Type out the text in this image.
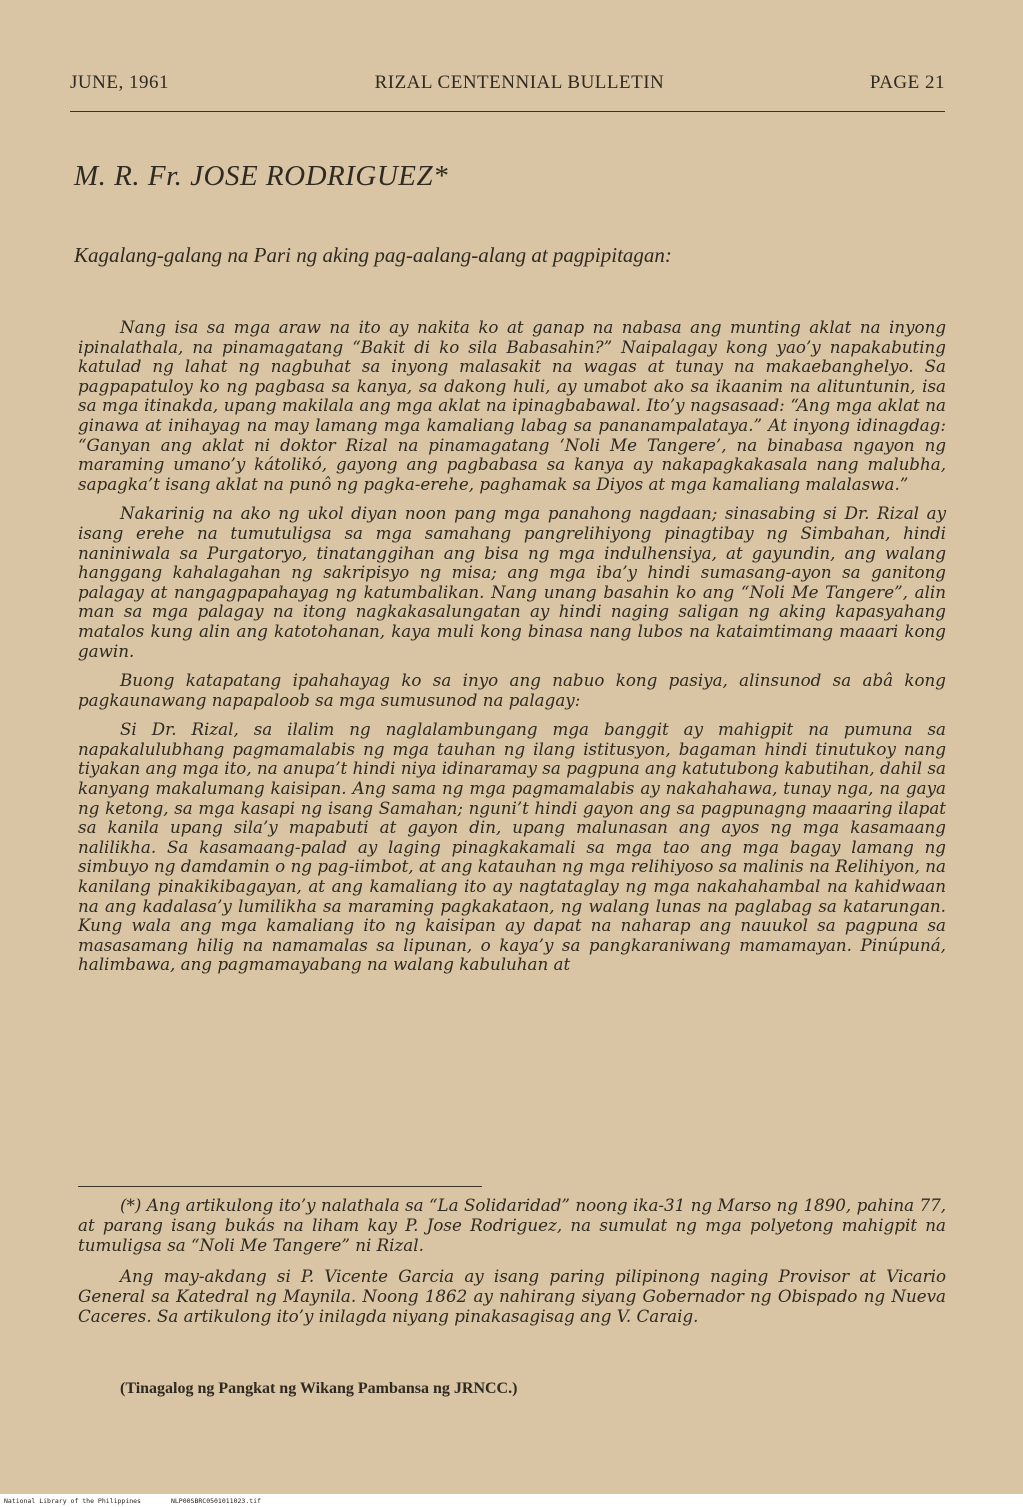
JUNE, 1961	RIZAL CENTENNIAL BULLETIN	PAGE 21
M. R. Fr. JOSE RODRIGUEZ*
Kagalang-galang na Pari ng aking pag-aalang-alang at pagpipitagan:

Nang isa sa mga araw na ito ay nakita ko at ganap na nabasa ang munting aklat na inyong ipinalathala, na pinamagatang “Bakit di ko sila Babasahin?” Naipalagay kong yao’y napakabuting katulad ng lahat ng nagbuhat sa inyong malasakit na wagas at tunay na makaebanghelyo. Sa pagpapatuloy ko ng pagbasa sa kanya, sa dakong huli, ay umabot ako sa ikaanim na alituntunin, isa sa mga itinakda, upang makilala ang mga aklat na ipinagbabawal. Ito’y nagsasaad: “Ang mga aklat na ginawa at inihayag na may lamang mga kamaliang labag sa pananampalataya.” At inyong idinagdag: “Ganyan ang aklat ni doktor Rizal na pinamagatang ‘Noli Me Tangere’, na binabasa ngayon ng maraming umano’y kátolikó, gayong ang pagbabasa sa kanya ay nakapagkakasala nang malubha, sapagka’t isang aklat na punô ng pagka-erehe, paghamak sa Diyos at mga kamaliang malalaswa.”

Nakarinig na ako ng ukol diyan noon pang mga panahong nagdaan; sinasabing si Dr. Rizal ay isang erehe na tumutuligsa sa mga samahang pangrelihiyong pinagtibay ng Simbahan, hindi naniniwala sa Purgatoryo, tinatanggihan ang bisa ng mga indulhensiya, at gayundin, ang walang hanggang kahalagahan ng sakripisyo ng misa; ang mga iba’y hindi sumasang-ayon sa ganitong palagay at nangagpapahayag ng katumbalikan. Nang unang basahin ko ang “Noli Me Tangere”, alin man sa mga palagay na itong nagkakasalungatan ay hindi naging saligan ng aking kapasyahang matalos kung alin ang katotohanan, kaya muli kong binasa nang lubos na kataimtimang maaari kong gawin.

Buong katapatang ipahahayag ko sa inyo ang nabuo kong pasiya, alinsunod sa abâ kong pagkaunawang napapaloob sa mga sumusunod na palagay:

Si Dr. Rizal, sa ilalim ng naglalambungang mga banggit ay mahigpit na pumuna sa napakalulubhang pagmamalabis ng mga tauhan ng ilang istitusyon, bagaman hindi tinutukoy nang tiyakan ang mga ito, na anupa’t hindi niya idinaramay sa pagpuna ang katutubong kabutihan, dahil sa kanyang makalumang kaisipan. Ang sama ng mga pagmamalabis ay nakahahawa, tunay nga, na gaya ng ketong, sa mga kasapi ng isang Samahan; nguni’t hindi gayon ang sa pagpunagng maaaring ilapat sa kanila upang sila’y mapabuti at gayon din, upang malunasan ang ayos ng mga kasamaang nalilikha. Sa kasamaang-palad ay laging pinagkakamali sa mga tao ang mga bagay lamang ng simbuyo ng damdamin o ng pag-iimbot, at ang katauhan ng mga relihiyoso sa malinis na Relihiyon, na kanilang pinakikibagayan, at ang kamaliang ito ay nagtataglay ng mga nakahahambal na kahidwaan na ang kadalasa’y lumilikha sa maraming pagkakataon, ng walang lunas na paglabag sa katarungan. Kung wala ang mga kamaliang ito ng kaisipan ay dapat na naharap ang nauukol sa pagpuna sa masasamang hilig na namamalas sa lipunan, o kaya’y sa pangkaraniwang mamamayan. Pinúpuná, halimbawa, ang pagmamayabang na walang kabuluhan at

(*) Ang artikulong ito’y nalathala sa “La Solidaridad” noong ika-31 ng Marso ng 1890, pahina 77, at parang isang bukás na liham kay P. Jose Rodriguez, na sumulat ng mga polyetong mahigpit na tumuligsa sa “Noli Me Tangere” ni Rizal.

Ang may-akdang si P. Vicente Garcia ay isang paring pilipinong naging Provisor at Vicario General sa Katedral ng Maynila. Noong 1862 ay nahirang siyang Gobernador ng Obispado ng Nueva Caceres. Sa artikulong ito’y inilagda niyang pinakasagisag ang V. Caraig.

(Tinagalog ng Pangkat ng Wikang Pambansa ng JRNCC.)
National Library of the Philippines	NLP00SBRC0501011023.tif
